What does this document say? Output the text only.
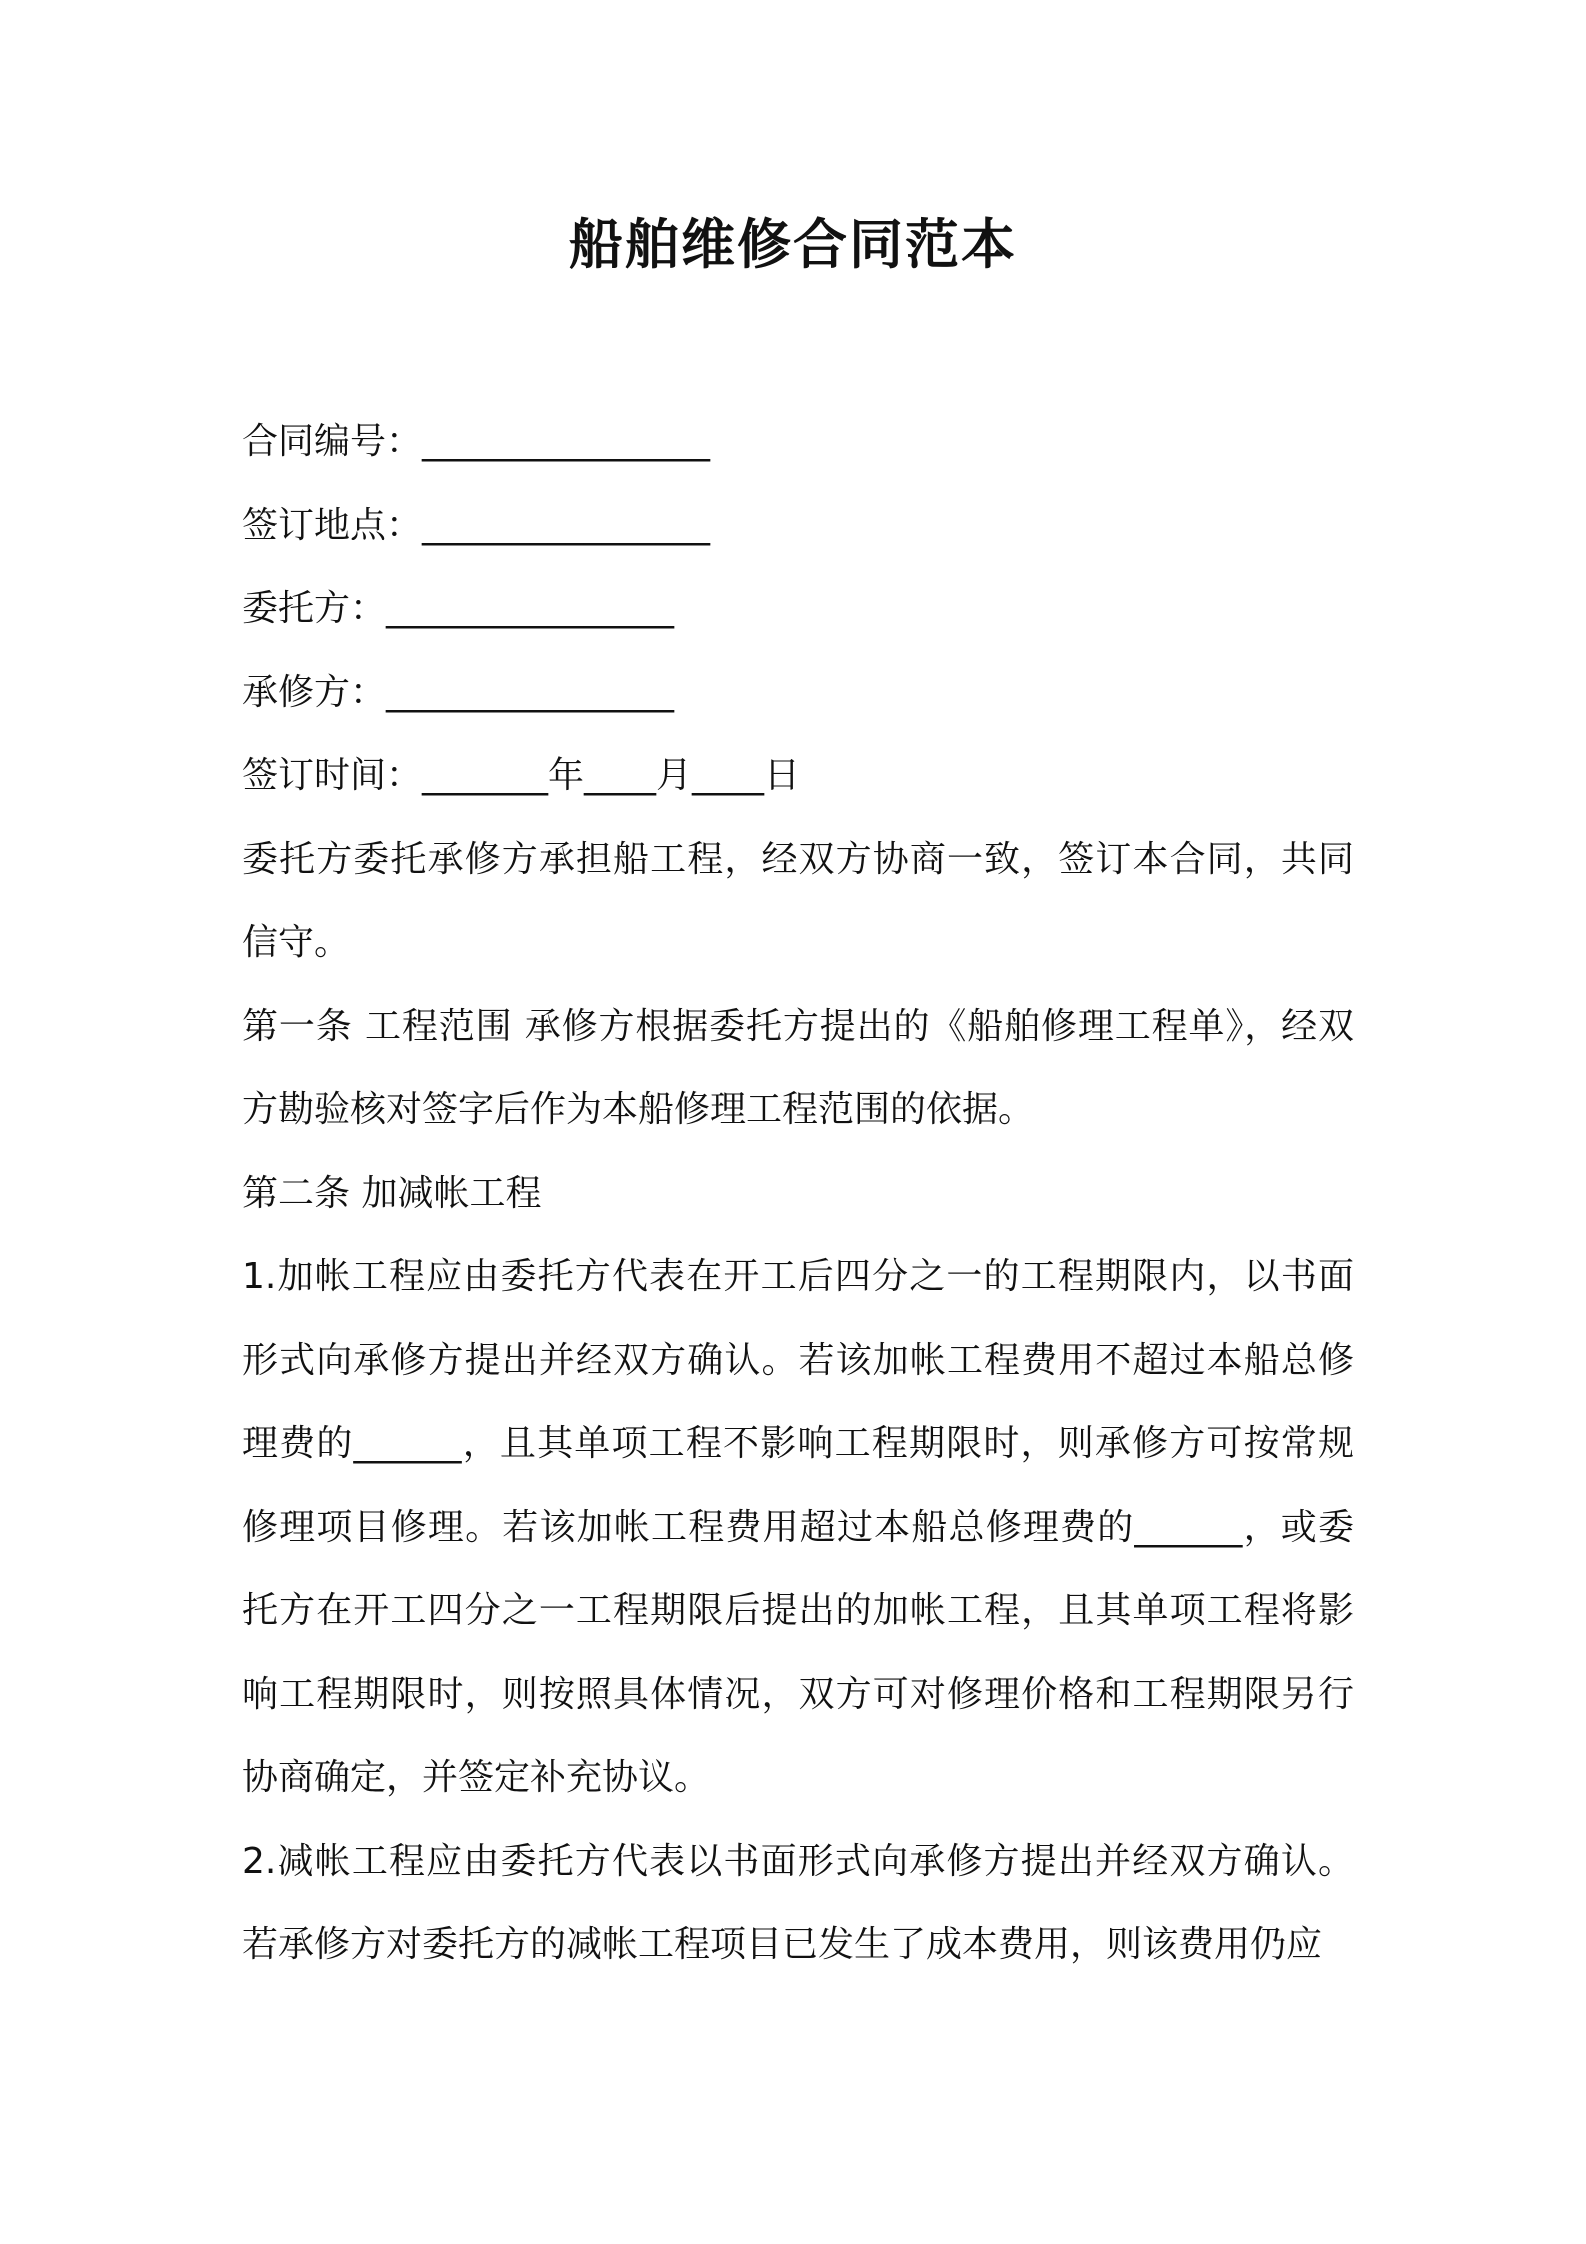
船舶维修合同范本

合同编号：________________

签订地点：________________

委托方：________________

承修方：________________

签订时间：_______年____月____日

委托方委托承修方承担船工程，经双方协商一致，签订本合同，共同信守。

第一条 工程范围 承修方根据委托方提出的《船舶修理工程单》，经双方勘验核对签字后作为本船修理工程范围的依据。

第二条 加减帐工程

1.加帐工程应由委托方代表在开工后四分之一的工程期限内，以书面形式向承修方提出并经双方确认。若该加帐工程费用不超过本船总修理费的______，且其单项工程不影响工程期限时，则承修方可按常规修理项目修理。若该加帐工程费用超过本船总修理费的______，或委托方在开工四分之一工程期限后提出的加帐工程，且其单项工程将影响工程期限时，则按照具体情况，双方可对修理价格和工程期限另行协商确定，并签定补充协议。

2.减帐工程应由委托方代表以书面形式向承修方提出并经双方确认。若承修方对委托方的减帐工程项目已发生了成本费用，则该费用仍应
